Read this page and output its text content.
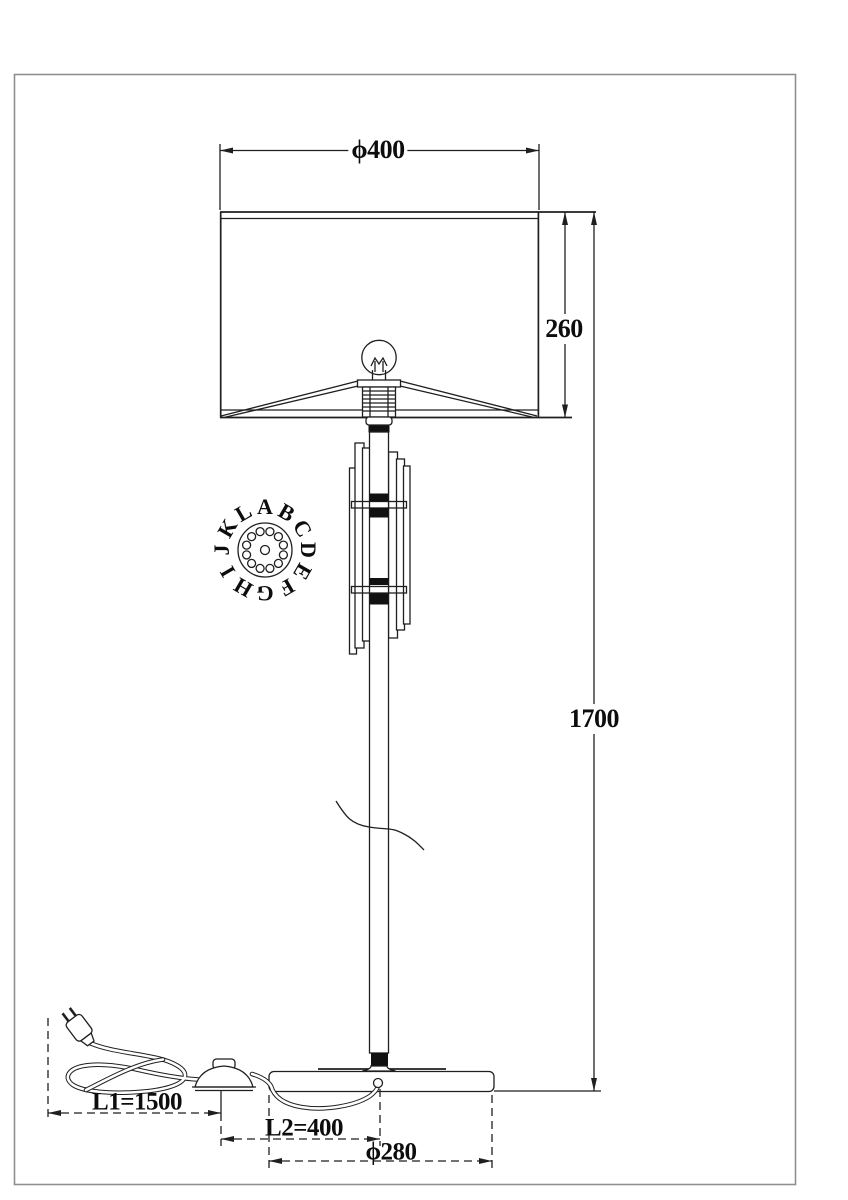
ϕ400
260
1700
L1=1500
L2=400
ϕ280
A B
C
D
E
F
G
H
I
J
K
L
